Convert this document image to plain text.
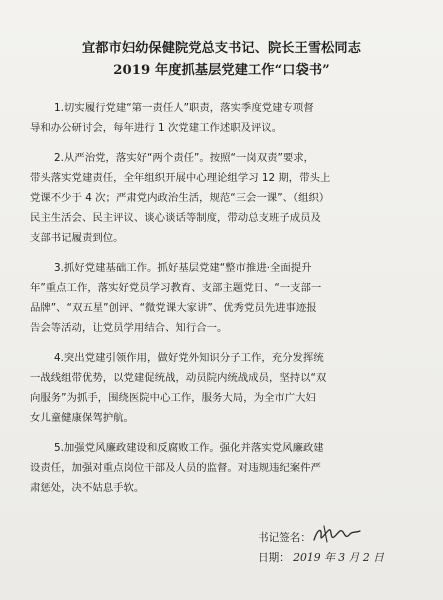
宜都市妇幼保健院党总支书记、院长王雪松同志
2019 年度抓基层党建工作“口袋书”
1.切实履行党建“第一责任人”职责，落实季度党建专项督
导和办公研讨会，每年进行 1 次党建工作述职及评议。
2.从严治党，落实好“两个责任”。按照“一岗双责”要求，
带头落实党建责任，全年组织开展中心理论组学习 12 期，带头上
党课不少于 4 次；严肃党内政治生活，规范“三会一课”、（组织）
民主生活会、民主评议、谈心谈话等制度，带动总支班子成员及
支部书记履责到位。
3.抓好党建基础工作。抓好基层党建“整市推进·全面提升
年”重点工作，落实好党员学习教育、支部主题党日、“一支部一
品牌”、“双五星”创评、“微党课大家讲”、优秀党员先进事迹报
告会等活动，让党员学用结合、知行合一。
4.突出党建引领作用，做好党外知识分子工作，充分发挥统
一战线组带优势，以党建促统战，动员院内统战成员，坚持以“双
向服务”为抓手，围绕医院中心工作，服务大局，为全市广大妇
女儿童健康保驾护航。
5.加强党风廉政建设和反腐败工作。强化并落实党风廉政建
设责任，加强对重点岗位干部及人员的监督。对违规违纪案件严
肃惩处，决不姑息手软。
书记签名：
日期： 2019 年 3 月 2 日
